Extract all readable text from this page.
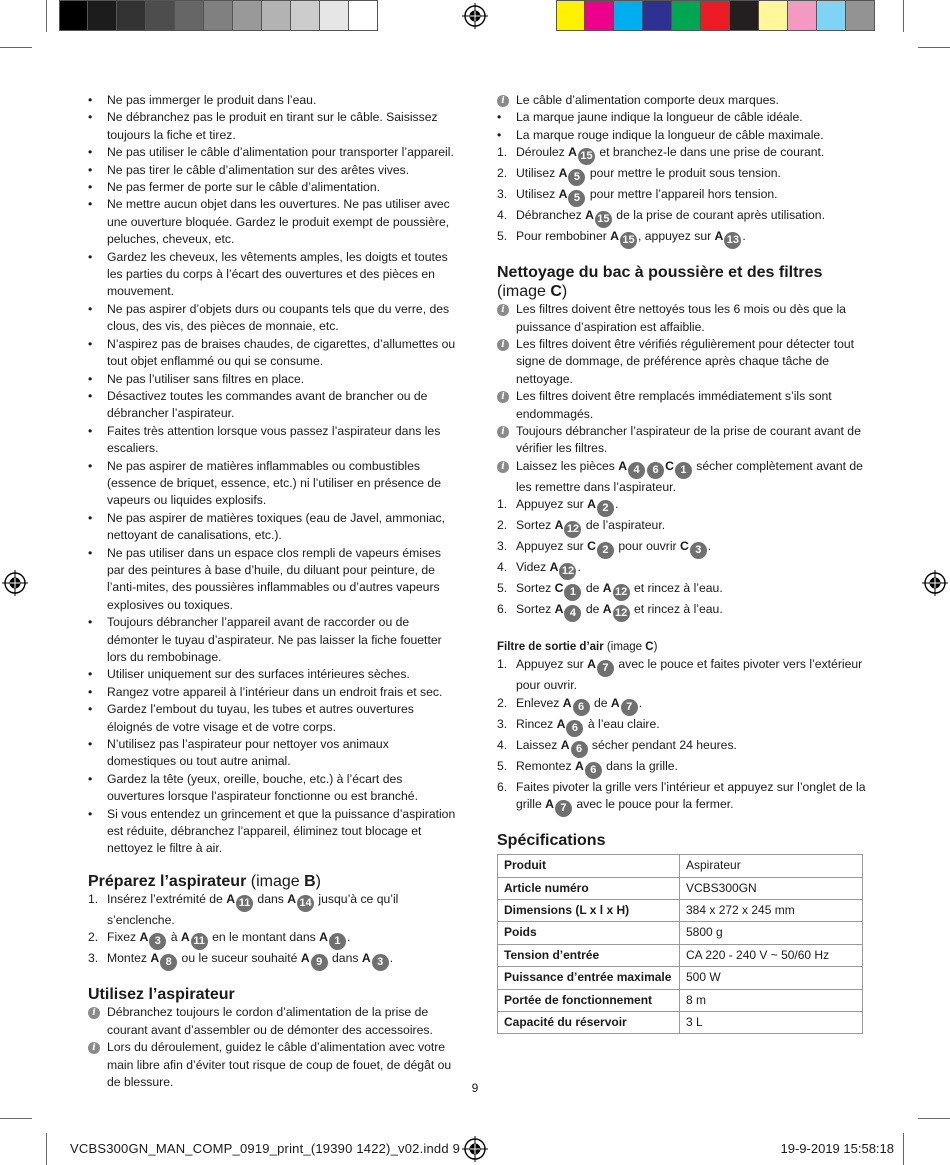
• Ne pas immerger le produit dans l’eau.
• Ne débranchez pas le produit en tirant sur le câble. Saisissez toujours la fiche et tirez.
• Ne pas utiliser le câble d’alimentation pour transporter l’appareil.
• Ne pas tirer le câble d’alimentation sur des arêtes vives.
• Ne pas fermer de porte sur le câble d’alimentation.
• Ne mettre aucun objet dans les ouvertures. Ne pas utiliser avec une ouverture bloquée. Gardez le produit exempt de poussière, peluches, cheveux, etc.
• Gardez les cheveux, les vêtements amples, les doigts et toutes les parties du corps à l’écart des ouvertures et des pièces en mouvement.
• Ne pas aspirer d’objets durs ou coupants tels que du verre, des clous, des vis, des pièces de monnaie, etc.
• N’aspirez pas de braises chaudes, de cigarettes, d’allumettes ou tout objet enflammé ou qui se consume.
• Ne pas l’utiliser sans filtres en place.
• Désactivez toutes les commandes avant de brancher ou de débrancher l’aspirateur.
• Faites très attention lorsque vous passez l’aspirateur dans les escaliers.
• Ne pas aspirer de matières inflammables ou combustibles (essence de briquet, essence, etc.) ni l’utiliser en présence de vapeurs ou liquides explosifs.
• Ne pas aspirer de matières toxiques (eau de Javel, ammoniac, nettoyant de canalisations, etc.).
• Ne pas utiliser dans un espace clos rempli de vapeurs émises par des peintures à base d’huile, du diluant pour peinture, de l’anti-mites, des poussières inflammables ou d’autres vapeurs explosives ou toxiques.
• Toujours débrancher l’appareil avant de raccorder ou de démonter le tuyau d’aspirateur. Ne pas laisser la fiche fouetter lors du rembobinage.
• Utiliser uniquement sur des surfaces intérieures sèches.
• Rangez votre appareil à l’intérieur dans un endroit frais et sec.
• Gardez l’embout du tuyau, les tubes et autres ouvertures éloignés de votre visage et de votre corps.
• N’utilisez pas l’aspirateur pour nettoyer vos animaux domestiques ou tout autre animal.
• Gardez la tête (yeux, oreille, bouche, etc.) à l’écart des ouvertures lorsque l’aspirateur fonctionne ou est branché.
• Si vous entendez un grincement et que la puissance d’aspiration est réduite, débranchez l’appareil, éliminez tout blocage et nettoyez le filtre à air.
Préparez l’aspirateur (image B)
1. Insérez l’extrémité de A 11 dans A 14 jusqu’à ce qu’il s’enclenche.
2. Fixez A 3 à A 11 en le montant dans A 1 .
3. Montez A 8 ou le suceur souhaité A 9 dans A 3 .
Utilisez l’aspirateur
i Débranchez toujours le cordon d’alimentation de la prise de courant avant d’assembler ou de démonter des accessoires.
i Lors du déroulement, guidez le câble d’alimentation avec votre main libre afin d’éviter tout risque de coup de fouet, de dégât ou de blessure.
i Le câble d’alimentation comporte deux marques.
• La marque jaune indique la longueur de câble idéale.
• La marque rouge indique la longueur de câble maximale.
1. Déroulez A 15 et branchez-le dans une prise de courant.
2. Utilisez A 5 pour mettre le produit sous tension.
3. Utilisez A 5 pour mettre l’appareil hors tension.
4. Débranchez A 15 de la prise de courant après utilisation.
5. Pour rembobiner A 15 , appuyez sur A 13 .
Nettoyage du bac à poussière et des filtres
(image C)
i Les filtres doivent être nettoyés tous les 6 mois ou dès que la puissance d’aspiration est affaiblie.
i Les filtres doivent être vérifiés régulièrement pour détecter tout signe de dommage, de préférence après chaque tâche de nettoyage.
i Les filtres doivent être remplacés immédiatement s’ils sont endommagés.
i Toujours débrancher l’aspirateur de la prise de courant avant de vérifier les filtres.
i Laissez les pièces A 4 6 C 1 sécher complètement avant de les remettre dans l’aspirateur.
1. Appuyez sur A 2 .
2. Sortez A 12 de l’aspirateur.
3. Appuyez sur C 2 pour ouvrir C 3 .
4. Videz A 12 .
5. Sortez C 1 de A 12 et rincez à l’eau.
6. Sortez A 4 de A 12 et rincez à l’eau.
Filtre de sortie d’air (image C)
1. Appuyez sur A 7 avec le pouce et faites pivoter vers l’extérieur pour ouvrir.
2. Enlevez A 6 de A 7 .
3. Rincez A 6 à l’eau claire.
4. Laissez A 6 sécher pendant 24 heures.
5. Remontez A 6 dans la grille.
6. Faites pivoter la grille vers l’intérieur et appuyez sur l’onglet de la grille A 7 avec le pouce pour la fermer.
Spécifications
Produit	Aspirateur
Article numéro	VCBS300GN
Dimensions (L x l x H)	384 x 272 x 245 mm
Poids	5800 g
Tension d’entrée	CA 220 - 240 V ~ 50/60 Hz
Puissance d’entrée maximale	500 W
Portée de fonctionnement	8 m
Capacité du réservoir	3 L
9
VCBS300GN_MAN_COMP_0919_print_(19390 1422)_v02.indd 9	19-9-2019 15:58:18
